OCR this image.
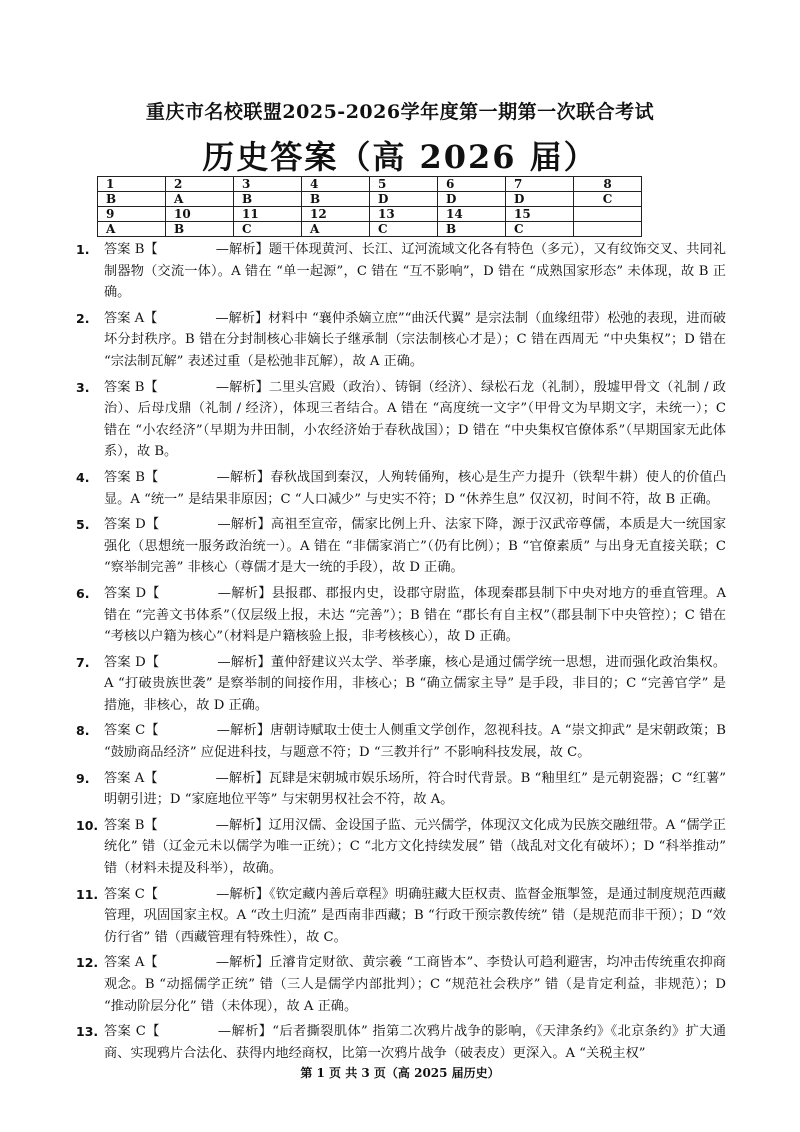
重庆市名校联盟2025-2026学年度第一期第一次联合考试
历史答案（高 2026 届）
1	2	3	4	5	6	7	8
B	A	B	B	D	D	D	C
9	10	11	12	13	14	15	
A	B	C	A	C	B	C	
1.	答案 B【	—解析】题干体现黄河、长江、辽河流域文化各有特色（多元），又有纹饰交叉、共同礼制器物（交流一体）。A 错在 “单一起源”，C 错在 “互不影响”，D 错在 “成熟国家形态” 未体现，故 B 正确。
2.	答案 A【	—解析】材料中 “襄仲杀嫡立庶”“曲沃代翼” 是宗法制（血缘纽带）松弛的表现，进而破坏分封秩序。B 错在分封制核心非嫡长子继承制（宗法制核心才是）；C 错在西周无 “中央集权”；D 错在 “宗法制瓦解” 表述过重（是松弛非瓦解），故 A 正确。
3.	答案 B【	—解析】二里头宫殿（政治）、铸铜（经济）、绿松石龙（礼制），殷墟甲骨文（礼制 / 政治）、后母戊鼎（礼制 / 经济），体现三者结合。A 错在 “高度统一文字”（甲骨文为早期文字，未统一）；C 错在 “小农经济”（早期为井田制，小农经济始于春秋战国）；D 错在 “中央集权官僚体系”（早期国家无此体系），故 B。
4.	答案 B【	—解析】春秋战国到秦汉，人殉转俑殉，核心是生产力提升（铁犁牛耕）使人的价值凸显。A “统一” 是结果非原因；C “人口减少” 与史实不符；D “休养生息” 仅汉初，时间不符，故 B 正确。
5.	答案 D【	—解析】高祖至宣帝，儒家比例上升、法家下降，源于汉武帝尊儒，本质是大一统国家强化（思想统一服务政治统一）。A 错在 “非儒家消亡”（仍有比例）；B “官僚素质” 与出身无直接关联；C “察举制完善” 非核心（尊儒才是大一统的手段），故 D 正确。
6.	答案 D【	—解析】县报郡、郡报内史，设郡守尉监，体现秦郡县制下中央对地方的垂直管理。A 错在 “完善文书体系”（仅层级上报，未达 “完善”）；B 错在 “郡长有自主权”（郡县制下中央管控）；C 错在 “考核以户籍为核心”（材料是户籍核验上报，非考核核心），故 D 正确。
7.	答案 D【	—解析】董仲舒建议兴太学、举孝廉，核心是通过儒学统一思想，进而强化政治集权。A “打破贵族世袭” 是察举制的间接作用，非核心；B “确立儒家主导” 是手段，非目的；C “完善官学” 是措施，非核心，故 D 正确。
8.	答案 C【	—解析】唐朝诗赋取士使士人侧重文学创作，忽视科技。A “崇文抑武” 是宋朝政策；B “鼓励商品经济” 应促进科技，与题意不符；D “三教并行” 不影响科技发展，故 C。
9.	答案 A【	—解析】瓦肆是宋朝城市娱乐场所，符合时代背景。B “釉里红” 是元朝瓷器；C “红薯” 明朝引进；D “家庭地位平等” 与宋朝男权社会不符，故 A。
10. 答案 B【	—解析】辽用汉儒、金设国子监、元兴儒学，体现汉文化成为民族交融纽带。A “儒学正统化” 错（辽金元未以儒学为唯一正统）；C “北方文化持续发展” 错（战乱对文化有破坏）；D “科举推动” 错（材料未提及科举），故确。
11. 答案 C【	—解析】《钦定藏内善后章程》明确驻藏大臣权责、监督金瓶掣签，是通过制度规范西藏管理，巩固国家主权。A “改土归流” 是西南非西藏；B “行政干预宗教传统” 错（是规范而非干预）；D “效仿行省” 错（西藏管理有特殊性），故 C。
12. 答案 A【	—解析】丘濬肯定财欲、黄宗羲 “工商皆本”、李贽认可趋利避害，均冲击传统重农抑商观念。B “动摇儒学正统” 错（三人是儒学内部批判）；C “规范社会秩序” 错（是肯定利益，非规范）；D “推动阶层分化” 错（未体现），故 A 正确。
13. 答案 C【	—解析】“后者撕裂肌体” 指第二次鸦片战争的影响，《天津条约》《北京条约》扩大通商、实现鸦片合法化、获得内地经商权，比第一次鸦片战争（破表皮）更深入。A “关税主权”
第 1 页 共 3 页（高 2025 届历史）
